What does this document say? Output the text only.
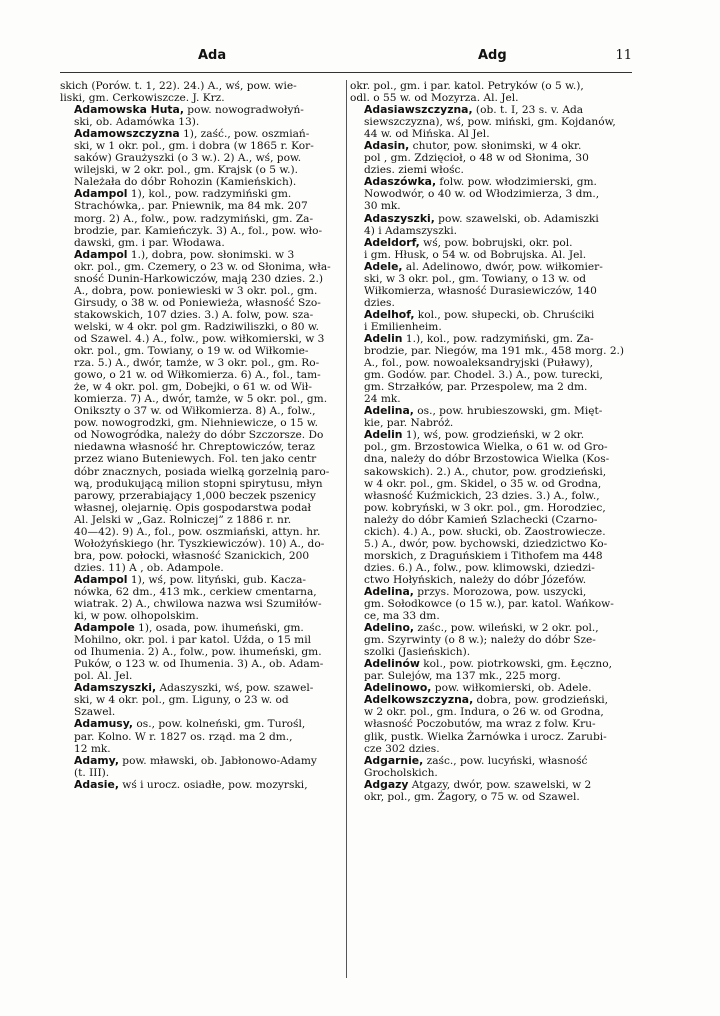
Ada	Adg	11
skich (Porów. t. 1, 22). 24.) A., wś, pow. wie-
liski, gm. Cerkowiszcze. J. Krz.
Adamowska Huta, pow. nowogradwołyń-
ski, ob. Adamówka 13).
Adamowszczyzna 1), zaść., pow. oszmiań-
ski, w 1 okr. pol., gm. i dobra (w 1865 r. Kor-
saków) Graużyszki (o 3 w.). 2) A., wś, pow.
wilejski, w 2 okr. pol., gm. Krajsk (o 5 w.).
Należała do dóbr Rohozin (Kamieńskich).
Adampol 1), kol., pow. radzymiński gm.
Strachówka,. par. Pniewnik, ma 84 mk. 207
morg. 2) A., folw., pow. radzymiński, gm. Za-
brodzie, par. Kamieńczyk. 3) A., fol., pow. wło-
dawski, gm. i par. Włodawa.
Adampol 1.), dobra, pow. słonimski. w 3
okr. pol., gm. Czemery, o 23 w. od Słonima, wła-
sność Dunin-Harkowiczów, mają 230 dzies. 2.)
A., dobra, pow. poniewieski w 3 okr. pol., gm.
Girsudy, o 38 w. od Poniewieża, własność Szo-
stakowskich, 107 dzies. 3.) A. folw, pow. sza-
welski, w 4 okr. pol gm. Radziwiliszki, o 80 w.
od Szawel. 4.) A., folw., pow. wiłkomierski, w 3
okr. pol., gm. Towiany, o 19 w. od Wiłkomie-
rza. 5.) A., dwór, tamże, w 3 okr. pol., gm. Ro-
gowo, o 21 w. od Wiłkomierza. 6) A., fol., tam-
że, w 4 okr. pol. gm, Dobejki, o 61 w. od Wił-
komierza. 7) A., dwór, tamże, w 5 okr. pol., gm.
Onikszty o 37 w. od Wiłkomierza. 8) A., folw.,
pow. nowogrodzki, gm. Niehniewicze, o 15 w.
od Nowogródka, należy do dóbr Szczorsze. Do
niedawna własność hr. Chreptowiczów, teraz
przez wiano Buteniewych. Fol. ten jako centr
dóbr znacznych, posiada wielką gorzelnią paro-
wą, produkującą milion stopni spirytusu, młyn
parowy, przerabiający 1,000 beczek pszenicy
własnej, olejarnię. Opis gospodarstwa podał
Al. Jelski w „Gaz. Rolniczej” z 1886 r. nr.
40—42). 9) A., fol., pow. oszmiański, attyn. hr.
Wołożyńskiego (hr. Tyszkiewiczów). 10) A., do-
bra, pow. połocki, własność Szanickich, 200
dzies. 11) A , ob. Adampole.
Adampol 1), wś, pow. lityński, gub. Kacza-
nówka, 62 dm., 413 mk., cerkiew cmentarna,
wiatrak. 2) A., chwilowa nazwa wsi Szumiłów-
ki, w pow. olhopolskim.
Adampole 1), osada, pow. ihumeński, gm.
Mohilno, okr. pol. i par katol. Uźda, o 15 mil
od Ihumenia. 2) A., folw., pow. ihumeński, gm.
Puków, o 123 w. od Ihumenia. 3) A., ob. Adam-
pol. Al. Jel.
Adamszyszki, Adaszyszki, wś, pow. szawel-
ski, w 4 okr. pol., gm. Liguny, o 23 w. od
Szawel.
Adamusy, os., pow. kolneński, gm. Turośl,
par. Kolno. W r. 1827 os. rząd. ma 2 dm.,
12 mk.
Adamy, pow. mławski, ob. Jabłonowo-Adamy
(t. III).
Adasie, wś i urocz. osiadłe, pow. mozyrski,
okr. pol., gm. i par. katol. Petryków (o 5 w.),
odl. o 55 w. od Mozyrza. Al. Jel.
Adasiawszczyzna, (ob. t. I, 23 s. v. Ada
siewszczyzna), wś, pow. miński, gm. Kojdanów,
44 w. od Mińska. Al Jel.
Adasin, chutor, pow. słonimski, w 4 okr.
pol , gm. Zdzięcioł, o 48 w od Słonima, 30
dzies. ziemi włośc.
Adaszówka, folw. pow. włodzimierski, gm.
Nowodwór, o 40 w. od Włodzimierza, 3 dm.,
30 mk.
Adaszyszki, pow. szawelski, ob. Adamiszki
4) i Adamszyszki.
Adeldorf, wś, pow. bobrujski, okr. pol.
i gm. Hłusk, o 54 w. od Bobrujska. Al. Jel.
Adele, al. Adelinowo, dwór, pow. wiłkomier-
ski, w 3 okr. pol., gm. Towiany, o 13 w. od
Wiłkomierza, własność Durasiewiczów, 140
dzies.
Adelhof, kol., pow. słupecki, ob. Chruściki
i Emilienheim.
Adelin 1.), kol., pow. radzymiński, gm. Za-
brodzie, par. Niegów, ma 191 mk., 458 morg. 2.)
A., fol., pow. nowoaleksandryjski (Puławy),
gm. Godów. par. Chodel. 3.) A., pow. turecki,
gm. Strzałków, par. Przespolew, ma 2 dm.
24 mk.
Adelina, os., pow. hrubieszowski, gm. Mięt-
kie, par. Nabróż.
Adelin 1), wś, pow. grodzieński, w 2 okr.
pol., gm. Brzostowica Wielka, o 61 w. od Gro-
dna, należy do dóbr Brzostowica Wielka (Kos-
sakowskich). 2.) A., chutor, pow. grodzieński,
w 4 okr. pol., gm. Skidel, o 35 w. od Grodna,
własność Kuźmickich, 23 dzies. 3.) A., folw.,
pow. kobryński, w 3 okr. pol., gm. Horodziec,
należy do dóbr Kamień Szlachecki (Czarno-
ckich). 4.) A., pow. słucki, ob. Zaostrowiecze.
5.) A., dwór, pow. bychowski, dziedzictwo Ko-
morskich, z Draguńskiem i Tithofem ma 448
dzies. 6.) A., folw., pow. klimowski, dziedzi-
ctwo Hołyńskich, należy do dóbr Józefów.
Adelina, przys. Morozowa, pow. uszycki,
gm. Sołodkowce (o 15 w.), par. katol. Wańkow-
ce, ma 33 dm.
Adelino, zaśc., pow. wileński, w 2 okr. pol.,
gm. Szyrwinty (o 8 w.); należy do dóbr Sze-
szolki (Jasieńskich).
Adelinów kol., pow. piotrkowski, gm. Łęczno,
par. Sulejów, ma 137 mk., 225 morg.
Adelinowo, pow. wiłkomierski, ob. Adele.
Adelkowszczyzna, dobra, pow. grodzieński,
w 2 okr. pol., gm. Indura, o 26 w. od Grodna,
własność Poczobutów, ma wraz z folw. Kru-
glik, pustk. Wielka Żarnówka i urocz. Zarubi-
cze 302 dzies.
Adgarnie, zaśc., pow. lucyński, własność
Grocholskich.
Adgazy Atgazy, dwór, pow. szawelski, w 2
okr, pol., gm. Żagory, o 75 w. od Szawel.
